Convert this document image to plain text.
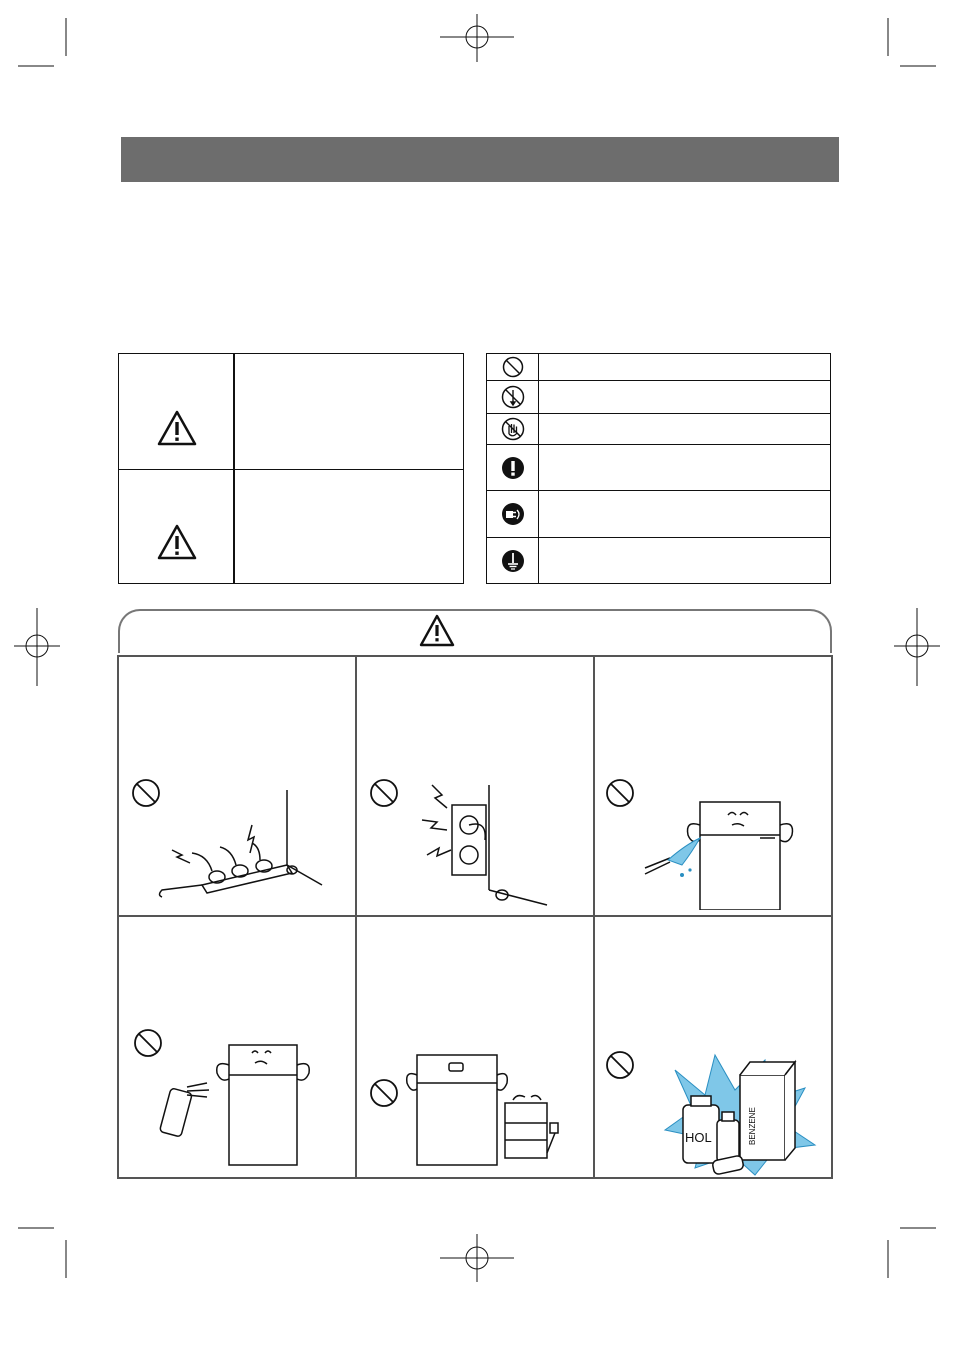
HOL	BENZENE
